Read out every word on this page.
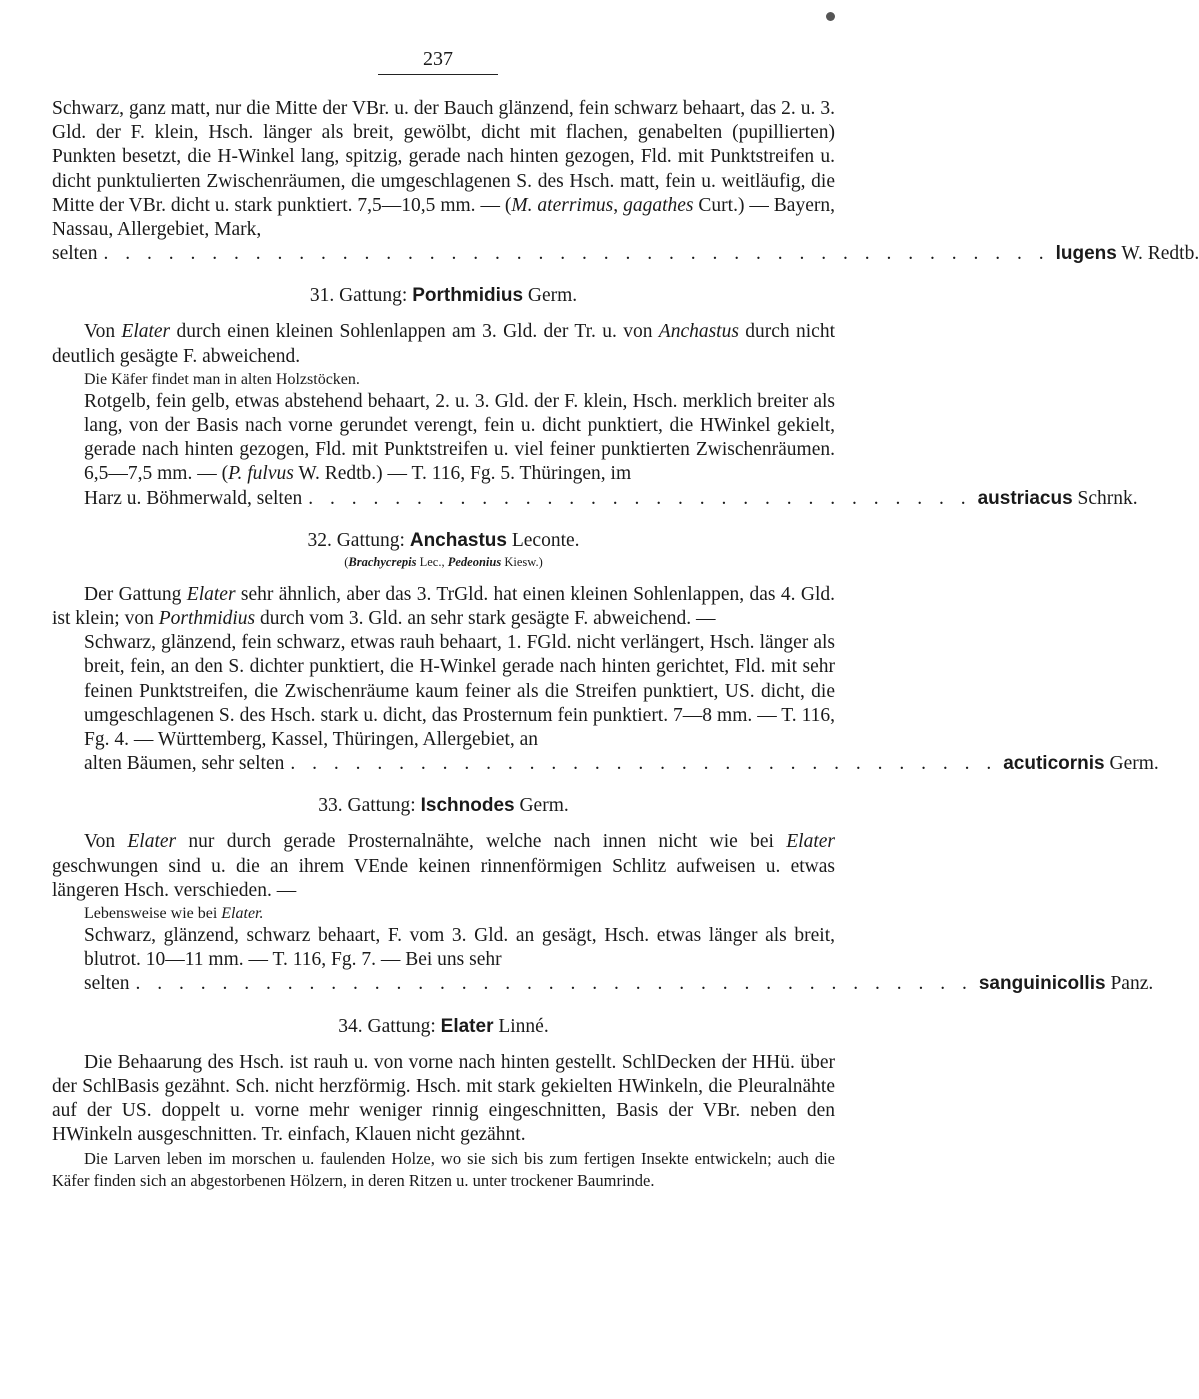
237

Schwarz, ganz matt, nur die Mitte der VBr. u. der Bauch glänzend, fein schwarz behaart, das 2. u. 3. Gld. der F. klein, Hsch. länger als breit, gewölbt, dicht mit flachen, genabelten (pupillierten) Punkten besetzt, die H-Winkel lang, spitzig, gerade nach hinten gezogen, Fld. mit Punktstreifen u. dicht punktulierten Zwischenräumen, die umgeschlagenen S. des Hsch. matt, fein u. weitläufig, die Mitte der VBr. dicht u. stark punktiert. 7,5—10,5 mm. — (M. aterrimus, gagathes Curt.) — Bayern, Nassau, Allergebiet, Mark,

selten . . . . . . . . . . . . . . . . . . . . . . . . . . . . . . . . . . . . . . . . . . . . lugens W. Redtb.

31. Gattung: Porthmidius Germ.

Von Elater durch einen kleinen Sohlenlappen am 3. Gld. der Tr. u. von Anchastus durch nicht deutlich gesägte F. abweichend.

Die Käfer findet man in alten Holzstöcken.

Rotgelb, fein gelb, etwas abstehend behaart, 2. u. 3. Gld. der F. klein, Hsch. merklich breiter als lang, von der Basis nach vorne gerundet verengt, fein u. dicht punktiert, die HWinkel gekielt, gerade nach hinten gezogen, Fld. mit Punktstreifen u. viel feiner punktierten Zwischenräumen. 6,5—7,5 mm. — (P. fulvus W. Redtb.) — T. 116, Fg. 5. Thüringen, im

Harz u. Böhmerwald, selten . . . . . . . . . . . . . . . . . . . . . . . . . . . . . . . austriacus Schrnk.

32. Gattung: Anchastus Leconte.

(Brachycrepis Lec., Pedeonius Kiesw.)

Der Gattung Elater sehr ähnlich, aber das 3. TrGld. hat einen kleinen Sohlenlappen, das 4. Gld. ist klein; von Porthmidius durch vom 3. Gld. an sehr stark gesägte F. abweichend. —

Schwarz, glänzend, fein schwarz, etwas rauh behaart, 1. FGld. nicht verlängert, Hsch. länger als breit, fein, an den S. dichter punktiert, die H-Winkel gerade nach hinten gerichtet, Fld. mit sehr feinen Punktstreifen, die Zwischenräume kaum feiner als die Streifen punktiert, US. dicht, die umgeschlagenen S. des Hsch. stark u. dicht, das Prosternum fein punktiert. 7—8 mm. — T. 116, Fg. 4. — Württemberg, Kassel, Thüringen, Allergebiet, an

alten Bäumen, sehr selten . . . . . . . . . . . . . . . . . . . . . . . . . . . . . . . . . acuticornis Germ.

33. Gattung: Ischnodes Germ.

Von Elater nur durch gerade Prosternalnähte, welche nach innen nicht wie bei Elater geschwungen sind u. die an ihrem VEnde keinen rinnenförmigen Schlitz aufweisen u. etwas längeren Hsch. verschieden. —

Lebensweise wie bei Elater.

Schwarz, glänzend, schwarz behaart, F. vom 3. Gld. an gesägt, Hsch. etwas länger als breit, blutrot. 10—11 mm. — T. 116, Fg. 7. — Bei uns sehr

selten . . . . . . . . . . . . . . . . . . . . . . . . . . . . . . . . . . . . . . . sanguinicollis Panz.

34. Gattung: Elater Linné.

Die Behaarung des Hsch. ist rauh u. von vorne nach hinten gestellt. SchlDecken der HHü. über der SchlBasis gezähnt. Sch. nicht herzförmig. Hsch. mit stark gekielten HWinkeln, die Pleuralnähte auf der US. doppelt u. vorne mehr weniger rinnig eingeschnitten, Basis der VBr. neben den HWinkeln ausgeschnitten. Tr. einfach, Klauen nicht gezähnt.

Die Larven leben im morschen u. faulenden Holze, wo sie sich bis zum fertigen Insekte entwickeln; auch die Käfer finden sich an abgestorbenen Hölzern, in deren Ritzen u. unter trockener Baumrinde.
